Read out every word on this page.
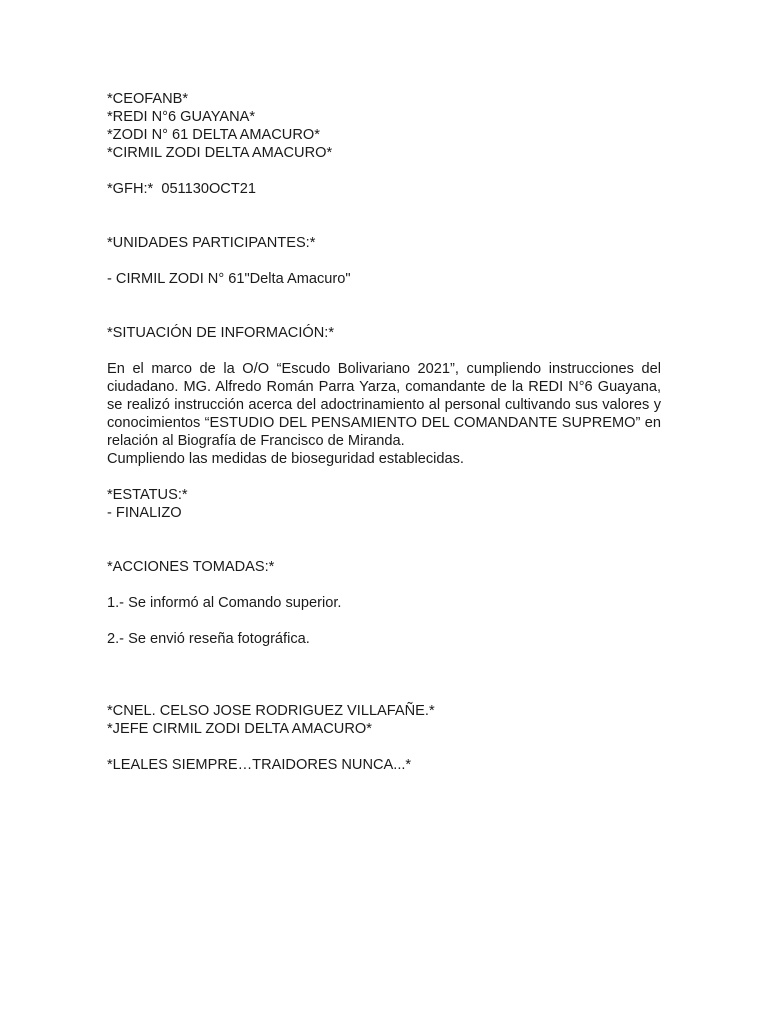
*CEOFANB*
*REDI N°6 GUAYANA*
*ZODI N° 61 DELTA AMACURO*
*CIRMIL ZODI DELTA AMACURO*
*GFH:*  051130OCT21
*UNIDADES PARTICIPANTES:*
- CIRMIL ZODI N° 61"Delta Amacuro"
*SITUACIÓN DE INFORMACIÓN:*

En el marco de la O/O “Escudo Bolivariano 2021”, cumpliendo instrucciones del ciudadano. MG. Alfredo Román Parra Yarza, comandante de la REDI N°6 Guayana, se realizó instrucción acerca del adoctrinamiento al personal cultivando sus valores y conocimientos “ESTUDIO DEL PENSAMIENTO DEL COMANDANTE SUPREMO” en relación al Biografía de Francisco de Miranda.

Cumpliendo las medidas de bioseguridad establecidas.

*ESTATUS:*
- FINALIZO
*ACCIONES TOMADAS:*
1.- Se informó al Comando superior.
2.- Se envió reseña fotográfica.
*CNEL. CELSO JOSE RODRIGUEZ VILLAFAÑE.*
*JEFE CIRMIL ZODI DELTA AMACURO*
*LEALES SIEMPRE…TRAIDORES NUNCA...*
